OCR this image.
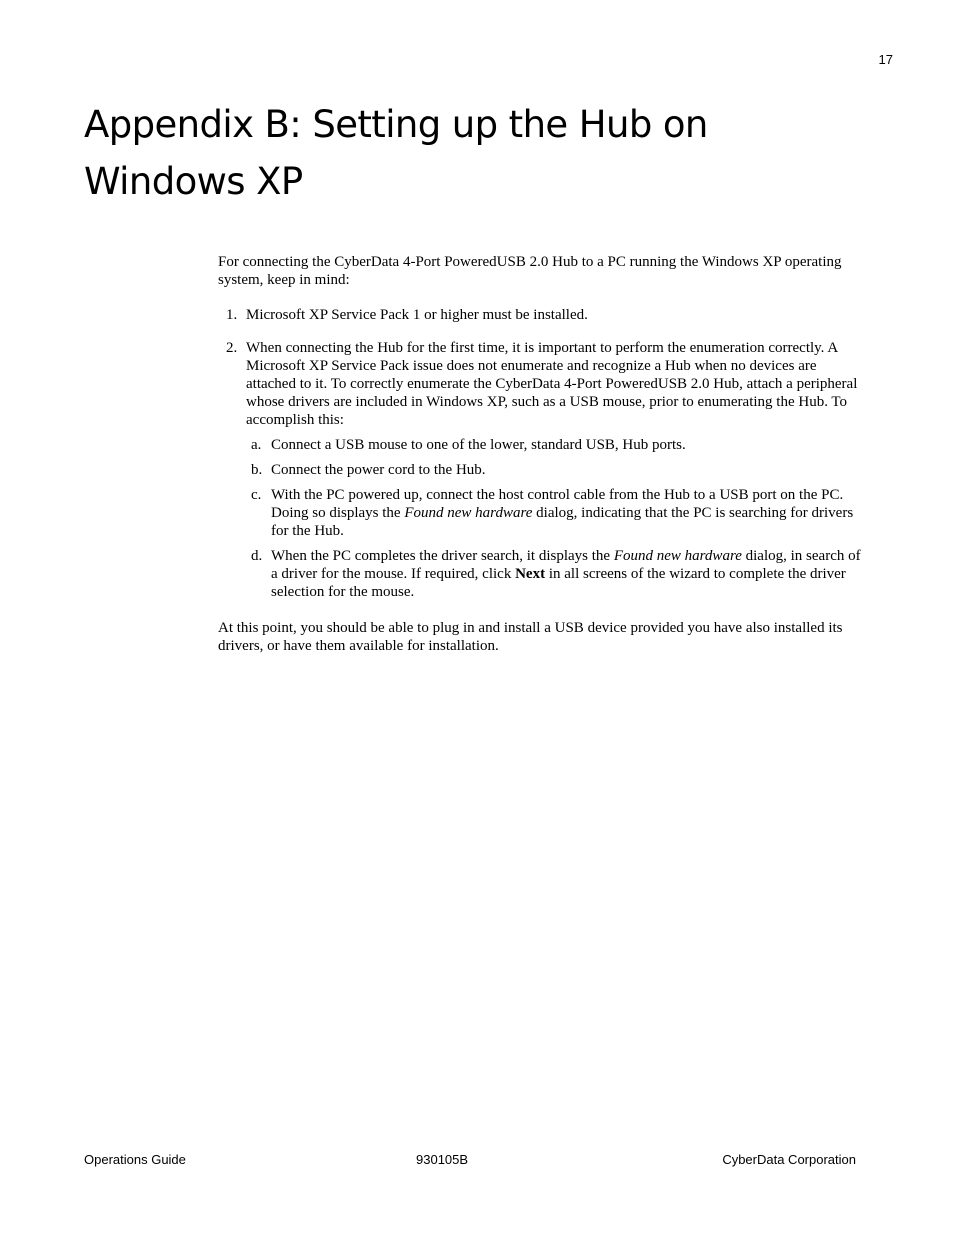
17
Appendix B: Setting up the Hub on
Windows XP

For connecting the CyberData 4-Port PoweredUSB 2.0 Hub to a PC running the Windows XP operating system, keep in mind:

1. Microsoft XP Service Pack 1 or higher must be installed.
2. When connecting the Hub for the first time, it is important to perform the enumeration correctly. A Microsoft XP Service Pack issue does not enumerate and recognize a Hub when no devices are attached to it. To correctly enumerate the CyberData 4-Port PoweredUSB 2.0 Hub, attach a peripheral whose drivers are included in Windows XP, such as a USB mouse, prior to enumerating the Hub. To accomplish this:
a. Connect a USB mouse to one of the lower, standard USB, Hub ports.
b. Connect the power cord to the Hub.
c. With the PC powered up, connect the host control cable from the Hub to a USB port on the PC. Doing so displays the Found new hardware dialog, indicating that the PC is searching for drivers for the Hub.
d. When the PC completes the driver search, it displays the Found new hardware dialog, in search of a driver for the mouse. If required, click Next in all screens of the wizard to complete the driver selection for the mouse.

At this point, you should be able to plug in and install a USB device provided you have also installed its drivers, or have them available for installation.

Operations Guide	930105B	CyberData Corporation
